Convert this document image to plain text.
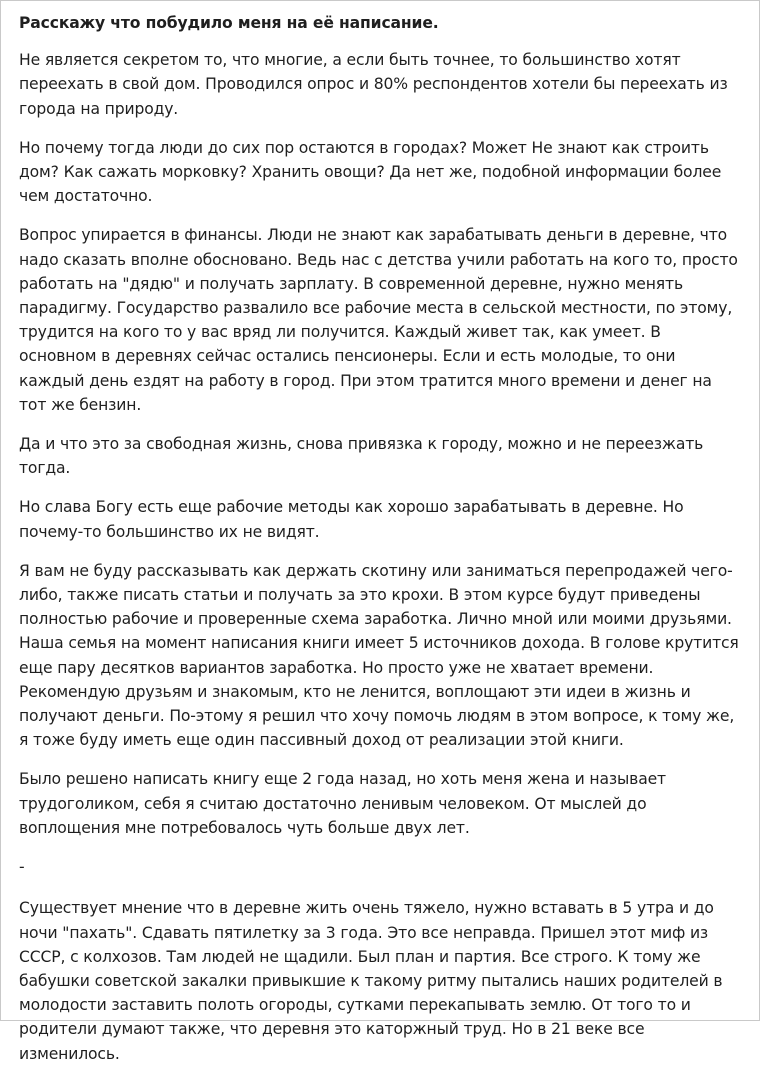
Расскажу что побудило меня на её написание.

Не является секретом то, что многие, а если быть точнее, то большинство хотят переехать в свой дом. Проводился опрос и 80% респондентов хотели бы переехать из города на природу.

Но почему тогда люди до сих пор остаются в городах? Может Не знают как строить дом? Как сажать морковку? Хранить овощи? Да нет же, подобной информации более чем достаточно.

Вопрос упирается в финансы. Люди не знают как зарабатывать деньги в деревне, что надо сказать вполне обосновано. Ведь нас с детства учили работать на кого то, просто работать на "дядю" и получать зарплату. В современной деревне, нужно менять парадигму. Государство развалило все рабочие места в сельской местности, по этому, трудится на кого то у вас вряд ли получится. Каждый живет так, как умеет. В основном в деревнях сейчас остались пенсионеры. Если и есть молодые, то они каждый день ездят на работу в город. При этом тратится много времени и денег на тот же бензин.

Да и что это за свободная жизнь, снова привязка к городу, можно и не переезжать тогда.

Но слава Богу есть еще рабочие методы как хорошо зарабатывать в деревне. Но почему-то большинство их не видят.

Я вам не буду рассказывать как держать скотину или заниматься перепродажей чего-либо, также писать статьи и получать за это крохи. В этом курсе будут приведены полностью рабочие и проверенные схема заработка. Лично мной или моими друзьями. Наша семья на момент написания книги имеет 5 источников дохода. В голове крутится еще пару десятков вариантов заработка. Но просто уже не хватает времени. Рекомендую друзьям и знакомым, кто не ленится, воплощают эти идеи в жизнь и получают деньги. По-этому я решил что хочу помочь людям в этом вопросе, к тому же, я тоже буду иметь еще один пассивный доход от реализации этой книги.

Было решено написать книгу еще 2 года назад, но хоть меня жена и называет трудоголиком, себя я считаю достаточно ленивым человеком. От мыслей до воплощения мне потребовалось чуть больше двух лет.

-

Существует мнение что в деревне жить очень тяжело, нужно вставать в 5 утра и до ночи "пахать". Сдавать пятилетку за 3 года. Это все неправда. Пришел этот миф из СССР, с колхозов. Там людей не щадили. Был план и партия. Все строго. К тому же бабушки советской закалки привыкшие к такому ритму пытались наших родителей в молодости заставить полоть огороды, сутками перекапывать землю. От того то и родители думают также, что деревня это каторжный труд. Но в 21 веке все изменилось.
